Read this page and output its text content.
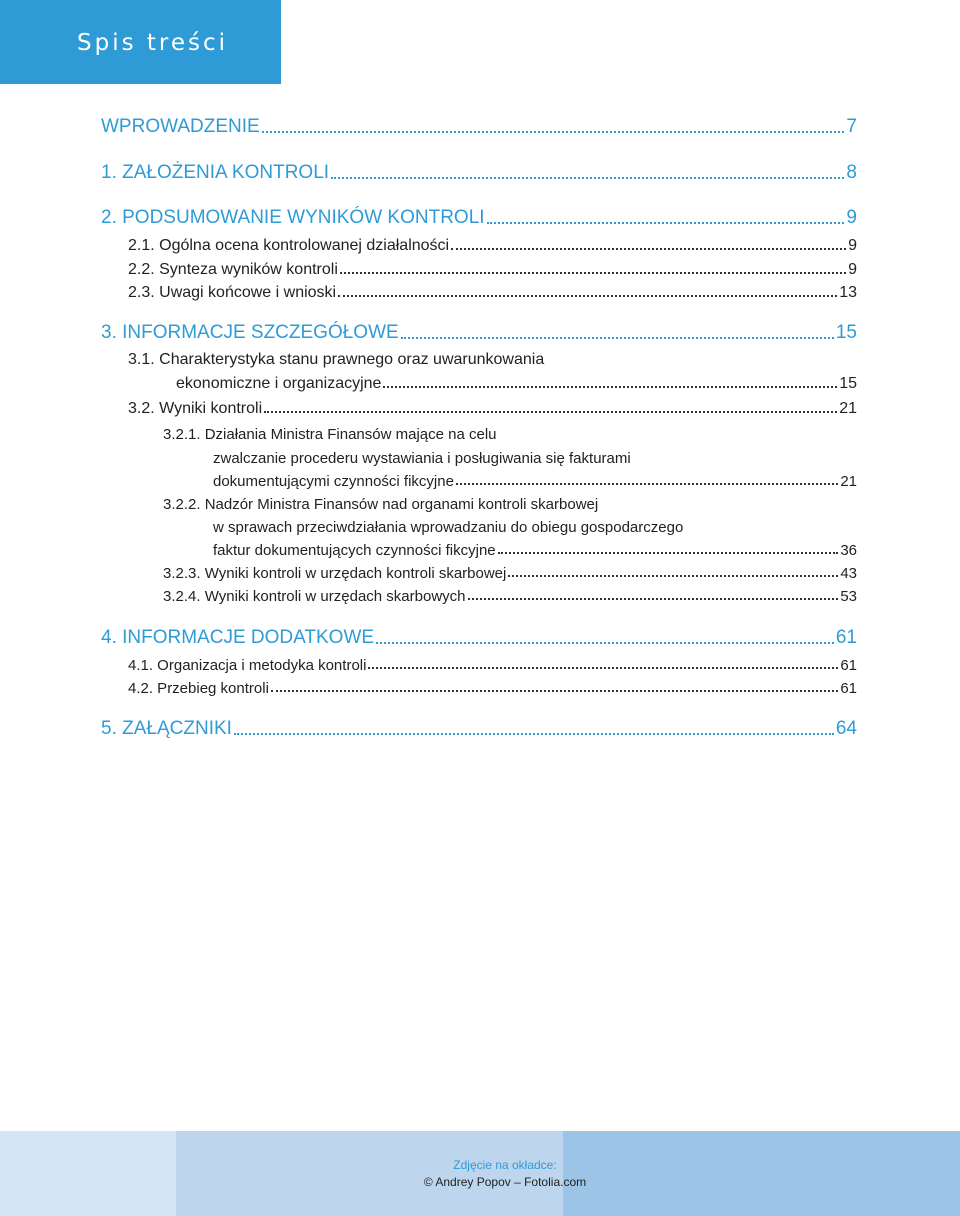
Spis treści
WPROWADZENIE	7
1. ZAŁOŻENIA KONTROLI	8
2. PODSUMOWANIE WYNIKÓW KONTROLI	9
2.1. Ogólna ocena kontrolowanej działalności	9
2.2. Synteza wyników kontroli	9
2.3. Uwagi końcowe i wnioski	13
3. INFORMACJE SZCZEGÓŁOWE	15
3.1. Charakterystyka stanu prawnego oraz uwarunkowania
ekonomiczne i organizacyjne	15
3.2. Wyniki kontroli	21
3.2.1. Działania Ministra Finansów mające na celu
zwalczanie procederu wystawiania i posługiwania się fakturami
dokumentującymi czynności fikcyjne	21
3.2.2. Nadzór Ministra Finansów nad organami kontroli skarbowej
w sprawach przeciwdziałania wprowadzaniu do obiegu gospodarczego
faktur dokumentujących czynności fikcyjne	36
3.2.3. Wyniki kontroli w urzędach kontroli skarbowej	43
3.2.4. Wyniki kontroli w urzędach skarbowych	53
4. INFORMACJE DODATKOWE	61
4.1. Organizacja i metodyka kontroli	61
4.2. Przebieg kontroli	61
5. ZAŁĄCZNIKI	64
Zdjęcie na okładce:
© Andrey Popov – Fotolia.com
